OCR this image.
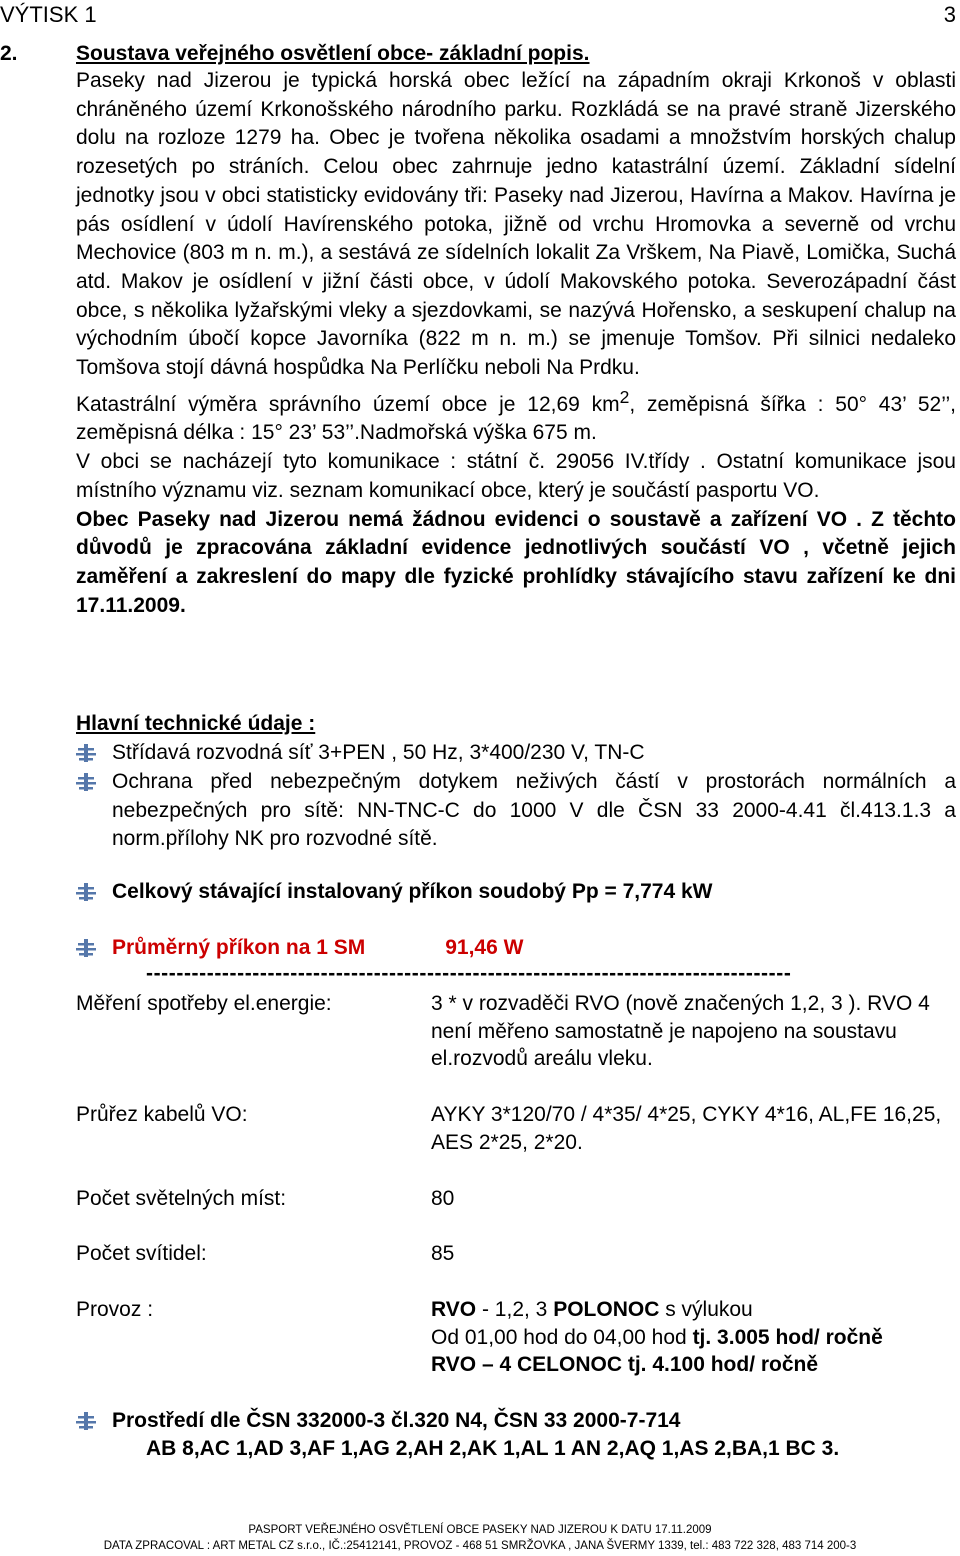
VÝTISK 1	3
2.	Soustava veřejného osvětlení obce- základní popis.

Paseky nad Jizerou je typická horská obec ležící na západním okraji Krkonoš v oblasti chráněného území Krkonošského národního parku. Rozkládá se na pravé straně Jizerského dolu na rozloze 1279 ha. Obec je tvořena několika osadami a množstvím horských chalup rozesetých po stráních. Celou obec zahrnuje jedno katastrální území. Základní sídelní jednotky jsou v obci statisticky evidovány tři: Paseky nad Jizerou, Havírna a Makov. Havírna je pás osídlení v údolí Havírenského potoka, jižně od vrchu Hromovka a severně od vrchu Mechovice (803 m n. m.), a sestává ze sídelních lokalit Za Vrškem, Na Piavě, Lomička, Suchá atd. Makov je osídlení v jižní části obce, v údolí Makovského potoka. Severozápadní část obce, s několika lyžařskými vleky a sjezdovkami, se nazývá Hořensko, a seskupení chalup na východním úbočí kopce Javorníka (822 m n. m.) se jmenuje Tomšov. Při silnici nedaleko Tomšova stojí dávná hospůdka Na Perlíčku neboli Na Prdku.

Katastrální výměra správního území obce je 12,69 $km^2$, zeměpisná šířka : 50° 43’ 52’’, zeměpisná délka : 15° 23’ 53’’.Nadmořská výška 675 m.

V obci se nacházejí tyto komunikace : státní č. 29056 IV.třídy . Ostatní komunikace jsou místního významu viz. seznam komunikací obce, který je součástí pasportu VO.

Obec Paseky nad Jizerou nemá žádnou evidenci o soustavě a zařízení VO . Z těchto důvodů je zpracována základní evidence jednotlivých součástí VO , včetně jejich zaměření a zakreslení do mapy dle fyzické prohlídky stávajícího stavu zařízení ke dni 17.11.2009.

Hlavní technické údaje :
Střídavá rozvodná síť 3+PEN , 50 Hz, 3*400/230 V, TN-C
Ochrana před nebezpečným dotykem neživých částí v prostorách normálních a nebezpečných pro sítě: NN-TNC-C do 1000 V dle ČSN 33 2000-4.41 čl.413.1.3 a norm.přílohy NK pro rozvodné sítě.
Celkový stávající instalovaný příkon soudobý Pp = 7,774 kW
Průměrný příkon na 1 SM	91,46 W
-------------------------------------------------------------------------------------
Měření spotřeby el.energie:	3 * v rozvaděči RVO (nově značených 1,2, 3 ). RVO 4 není měřeno samostatně je napojeno na soustavu el.rozvodů areálu vleku.
Průřez kabelů VO:	AYKY 3*120/70 / 4*35/ 4*25, CYKY 4*16, AL,FE 16,25, AES 2*25, 2*20.
Počet světelných míst:	80
Počet svítidel:	85
Provoz :	RVO - 1,2, 3 POLONOC s výlukou
Od 01,00 hod do 04,00 hod tj. 3.005 hod/ ročně
RVO – 4 CELONOC tj. 4.100 hod/ ročně
Prostředí dle ČSN 332000-3 čl.320 N4, ČSN 33 2000-7-714
AB 8,AC 1,AD 3,AF 1,AG 2,AH 2,AK 1,AL 1 AN 2,AQ 1,AS 2,BA,1 BC 3.
PASPORT VEŘEJNÉHO OSVĚTLENÍ OBCE PASEKY NAD JIZEROU K DATU 17.11.2009
DATA ZPRACOVAL : ART METAL CZ s.r.o., IČ.:25412141, PROVOZ - 468 51 SMRŽOVKA , JANA ŠVERMY 1339, tel.: 483 722 328, 483 714 200-3
